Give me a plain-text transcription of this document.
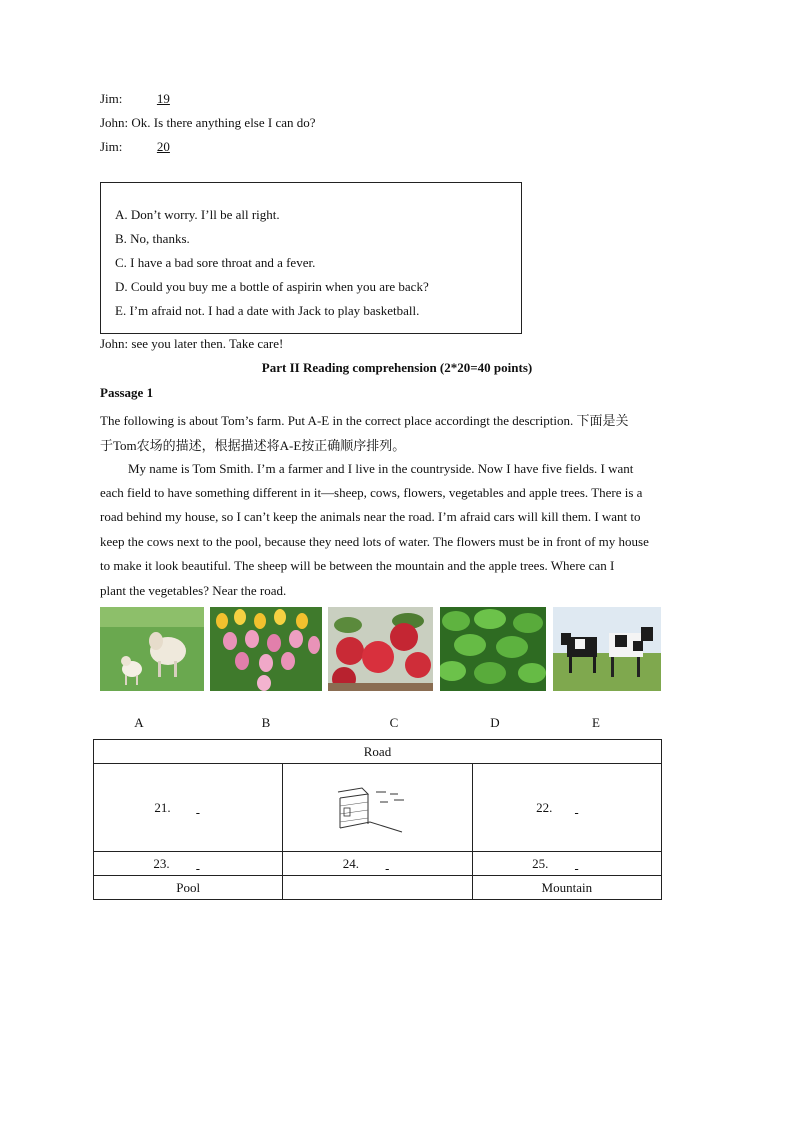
Jim:	19
John: Ok. Is there anything else I can do?
Jim:	20
A. Don’t worry. I’ll be all right.
B. No, thanks.
C. I have a bad sore throat and a fever.
D. Could you buy me a bottle of aspirin when you are back?
E. I’m afraid not. I had a date with Jack to play basketball.
John: see you later then. Take care!
Part II Reading comprehension (2*20=40 points)
Passage 1
The following is about Tom’s farm. Put A-E in the correct place accordingt the description. 下面是关
于Tom农场的描述，根据描述将A-E按正确顺序排列。
My name is Tom Smith. I’m a farmer and I live in the countryside. Now I have five fields. I want
each field to have something different in it—sheep, cows, flowers, vegetables and apple trees. There is a
road behind my house, so I can’t keep the animals near the road. I’m afraid cars will kill them. I want to
keep the cows next to the pool, because they need lots of water. The flowers must be in front of my house
to make it look beautiful. The sheep will be between the mountain and the apple trees. Where can I
plant the vegetables? Near the road.
A	B	C	D	E
Road		
21.		22.
23.	24.	25.
Pool		Mountain
